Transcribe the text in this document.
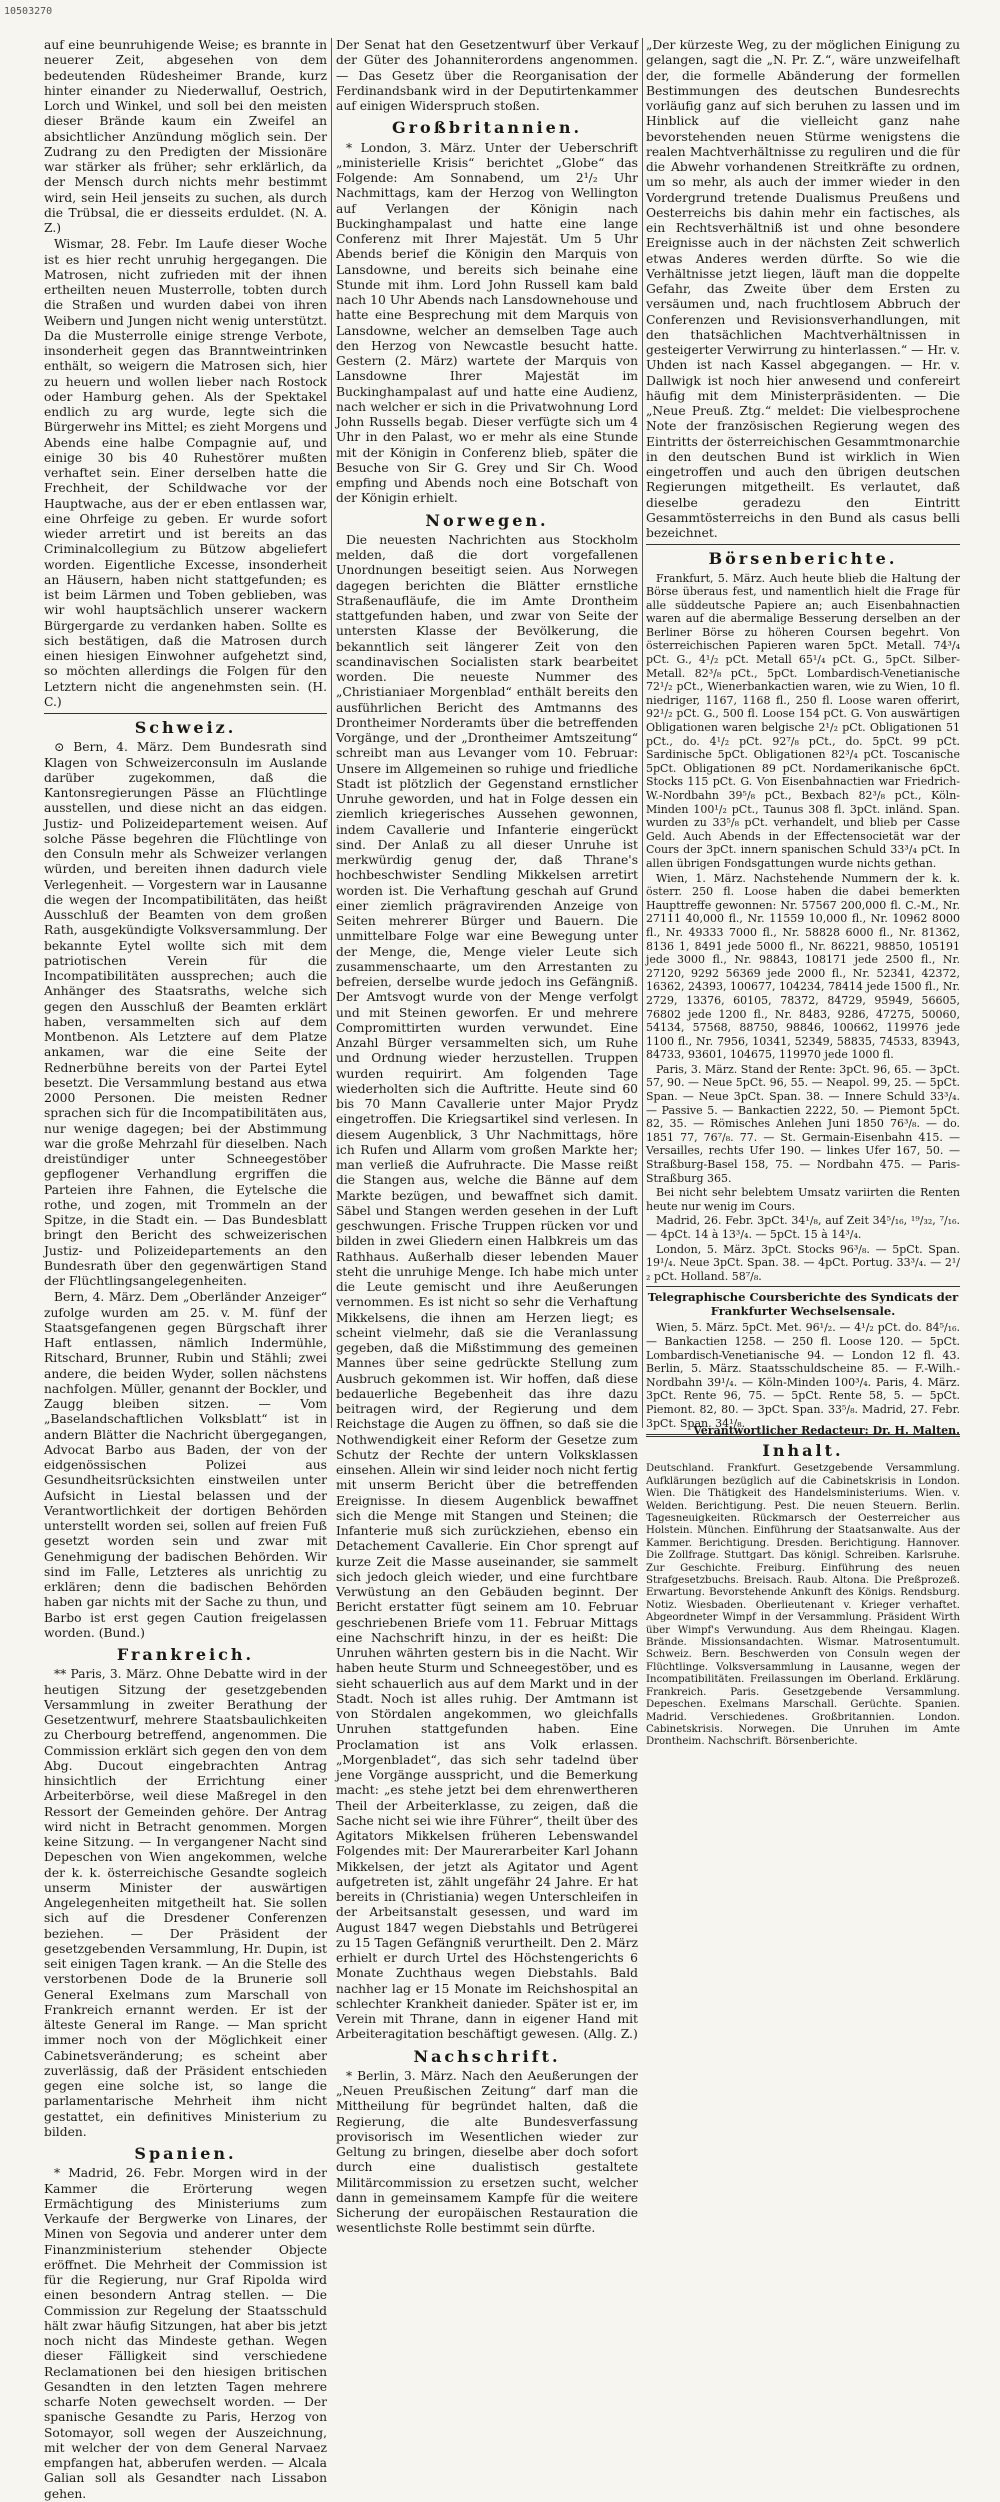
10503270

auf eine beunruhigende Weise; es brannte in neuerer Zeit, abgesehen von dem bedeutenden Rüdesheimer Brande, kurz hinter einander zu Niederwalluf, Oestrich, Lorch und Winkel, und soll bei den meisten dieser Brände kaum ein Zweifel an absichtlicher Anzündung möglich sein. Der Zudrang zu den Predigten der Missionäre war stärker als früher; sehr erklärlich, da der Mensch durch nichts mehr bestimmt wird, sein Heil jenseits zu suchen, als durch die Trübsal, die er diesseits erduldet. (N. A. Z.)

Wismar, 28. Febr. Im Laufe dieser Woche ist es hier recht unruhig hergegangen. Die Matrosen, nicht zufrieden mit der ihnen ertheilten neuen Musterrolle, tobten durch die Straßen und wurden dabei von ihren Weibern und Jungen nicht wenig unterstützt. Da die Musterrolle einige strenge Verbote, insonderheit gegen das Branntweintrinken enthält, so weigern die Matrosen sich, hier zu heuern und wollen lieber nach Rostock oder Hamburg gehen. Als der Spektakel endlich zu arg wurde, legte sich die Bürgerwehr ins Mittel; es zieht Morgens und Abends eine halbe Compagnie auf, und einige 30 bis 40 Ruhestörer mußten verhaftet sein. Einer derselben hatte die Frechheit, der Schildwache vor der Hauptwache, aus der er eben entlassen war, eine Ohrfeige zu geben. Er wurde sofort wieder arretirt und ist bereits an das Criminalcollegium zu Bützow abgeliefert worden. Eigentliche Excesse, insonderheit an Häusern, haben nicht stattgefunden; es ist beim Lärmen und Toben geblieben, was wir wohl hauptsächlich unserer wackern Bürgergarde zu verdanken haben. Sollte es sich bestätigen, daß die Matrosen durch einen hiesigen Einwohner aufgehetzt sind, so möchten allerdings die Folgen für den Letztern nicht die angenehmsten sein. (H. C.)

Schweiz.

⊙ Bern, 4. März. Dem Bundesrath sind Klagen von Schweizerconsuln im Auslande darüber zugekommen, daß die Kantonsregierungen Pässe an Flüchtlinge ausstellen, und diese nicht an das eidgen. Justiz- und Polizeidepartement weisen. Auf solche Pässe begehren die Flüchtlinge von den Consuln mehr als Schweizer verlangen würden, und bereiten ihnen dadurch viele Verlegenheit. — Vorgestern war in Lausanne die wegen der Incompatibilitäten, das heißt Ausschluß der Beamten von dem großen Rath, ausgekündigte Volksversammlung. Der bekannte Eytel wollte sich mit dem patriotischen Verein für die Incompatibilitäten aussprechen; auch die Anhänger des Staatsraths, welche sich gegen den Ausschluß der Beamten erklärt haben, versammelten sich auf dem Montbenon. Als Letztere auf dem Platze ankamen, war die eine Seite der Rednerbühne bereits von der Partei Eytel besetzt. Die Versammlung bestand aus etwa 2000 Personen. Die meisten Redner sprachen sich für die Incompatibilitäten aus, nur wenige dagegen; bei der Abstimmung war die große Mehrzahl für dieselben. Nach dreistündiger unter Schneegestöber gepflogener Verhandlung ergriffen die Parteien ihre Fahnen, die Eytelsche die rothe, und zogen, mit Trommeln an der Spitze, in die Stadt ein. — Das Bundesblatt bringt den Bericht des schweizerischen Justiz- und Polizeidepartements an den Bundesrath über den gegenwärtigen Stand der Flüchtlingsangelegenheiten.

Bern, 4. März. Dem „Oberländer Anzeiger“ zufolge wurden am 25. v. M. fünf der Staatsgefangenen gegen Bürgschaft ihrer Haft entlassen, nämlich Indermühle, Ritschard, Brunner, Rubin und Stähli; zwei andere, die beiden Wyder, sollen nächstens nachfolgen. Müller, genannt der Bockler, und Zaugg bleiben sitzen. — Vom „Baselandschaftlichen Volksblatt“ ist in andern Blätter die Nachricht übergegangen, Advocat Barbo aus Baden, der von der eidgenössischen Polizei aus Gesundheitsrücksichten einstweilen unter Aufsicht in Liestal belassen und der Verantwortlichkeit der dortigen Behörden unterstellt worden sei, sollen auf freien Fuß gesetzt worden sein und zwar mit Genehmigung der badischen Behörden. Wir sind im Falle, Letzteres als unrichtig zu erklären; denn die badischen Behörden haben gar nichts mit der Sache zu thun, und Barbo ist erst gegen Caution freigelassen worden. (Bund.)

Frankreich.

** Paris, 3. März. Ohne Debatte wird in der heutigen Sitzung der gesetzgebenden Versammlung in zweiter Berathung der Gesetzentwurf, mehrere Staatsbaulichkeiten zu Cherbourg betreffend, angenommen. Die Commission erklärt sich gegen den von dem Abg. Ducout eingebrachten Antrag hinsichtlich der Errichtung einer Arbeiterbörse, weil diese Maßregel in den Ressort der Gemeinden gehöre. Der Antrag wird nicht in Betracht genommen. Morgen keine Sitzung. — In vergangener Nacht sind Depeschen von Wien angekommen, welche der k. k. österreichische Gesandte sogleich unserm Minister der auswärtigen Angelegenheiten mitgetheilt hat. Sie sollen sich auf die Dresdener Conferenzen beziehen. — Der Präsident der gesetzgebenden Versammlung, Hr. Dupin, ist seit einigen Tagen krank. — An die Stelle des verstorbenen Dode de la Brunerie soll General Exelmans zum Marschall von Frankreich ernannt werden. Er ist der älteste General im Range. — Man spricht immer noch von der Möglichkeit einer Cabinetsveränderung; es scheint aber zuverlässig, daß der Präsident entschieden gegen eine solche ist, so lange die parlamentarische Mehrheit ihm nicht gestattet, ein definitives Ministerium zu bilden.

Spanien.

* Madrid, 26. Febr. Morgen wird in der Kammer die Erörterung wegen Ermächtigung des Ministeriums zum Verkaufe der Bergwerke von Linares, der Minen von Segovia und anderer unter dem Finanzministerium stehender Objecte eröffnet. Die Mehrheit der Commission ist für die Regierung, nur Graf Ripolda wird einen besondern Antrag stellen. — Die Commission zur Regelung der Staatsschuld hält zwar häufig Sitzungen, hat aber bis jetzt noch nicht das Mindeste gethan. Wegen dieser Fälligkeit sind verschiedene Reclamationen bei den hiesigen britischen Gesandten in den letzten Tagen mehrere scharfe Noten gewechselt worden. — Der spanische Gesandte zu Paris, Herzog von Sotomayor, soll wegen der Auszeichnung, mit welcher der von dem General Narvaez empfangen hat, abberufen werden. — Alcala Galian soll als Gesandter nach Lissabon gehen.

Der Senat hat den Gesetzentwurf über Verkauf der Güter des Johanniterordens angenommen. — Das Gesetz über die Reorganisation der Ferdinandsbank wird in der Deputirtenkammer auf einigen Widerspruch stoßen.

Großbritannien.

* London, 3. März. Unter der Ueberschrift „ministerielle Krisis“ berichtet „Globe“ das Folgende: Am Sonnabend, um 2¹/₂ Uhr Nachmittags, kam der Herzog von Wellington auf Verlangen der Königin nach Buckinghampalast und hatte eine lange Conferenz mit Ihrer Majestät. Um 5 Uhr Abends berief die Königin den Marquis von Lansdowne, und bereits sich beinahe eine Stunde mit ihm. Lord John Russell kam bald nach 10 Uhr Abends nach Lansdownehouse und hatte eine Besprechung mit dem Marquis von Lansdowne, welcher an demselben Tage auch den Herzog von Newcastle besucht hatte. Gestern (2. März) wartete der Marquis von Lansdowne Ihrer Majestät im Buckinghampalast auf und hatte eine Audienz, nach welcher er sich in die Privatwohnung Lord John Russells begab. Dieser verfügte sich um 4 Uhr in den Palast, wo er mehr als eine Stunde mit der Königin in Conferenz blieb, später die Besuche von Sir G. Grey und Sir Ch. Wood empfing und Abends noch eine Botschaft von der Königin erhielt.

Norwegen.

Die neuesten Nachrichten aus Stockholm melden, daß die dort vorgefallenen Unordnungen beseitigt seien. Aus Norwegen dagegen berichten die Blätter ernstliche Straßenaufläufe, die im Amte Drontheim stattgefunden haben, und zwar von Seite der untersten Klasse der Bevölkerung, die bekanntlich seit längerer Zeit von den scandinavischen Socialisten stark bearbeitet worden. Die neueste Nummer des „Christianiaer Morgenblad“ enthält bereits den ausführlichen Bericht des Amtmanns des Drontheimer Norderamts über die betreffenden Vorgänge, und der „Drontheimer Amtszeitung“ schreibt man aus Levanger vom 10. Februar: Unsere im Allgemeinen so ruhige und friedliche Stadt ist plötzlich der Gegenstand ernstlicher Unruhe geworden, und hat in Folge dessen ein ziemlich kriegerisches Aussehen gewonnen, indem Cavallerie und Infanterie eingerückt sind. Der Anlaß zu all dieser Unruhe ist merkwürdig genug der, daß Thrane's hochbeschwister Sendling Mikkelsen arretirt worden ist. Die Verhaftung geschah auf Grund einer ziemlich prägravirenden Anzeige von Seiten mehrerer Bürger und Bauern. Die unmittelbare Folge war eine Bewegung unter der Menge, die, Menge vieler Leute sich zusammenschaarte, um den Arrestanten zu befreien, derselbe wurde jedoch ins Gefängniß. Der Amtsvogt wurde von der Menge verfolgt und mit Steinen geworfen. Er und mehrere Compromittirten wurden verwundet. Eine Anzahl Bürger versammelten sich, um Ruhe und Ordnung wieder herzustellen. Truppen wurden requirirt. Am folgenden Tage wiederholten sich die Auftritte. Heute sind 60 bis 70 Mann Cavallerie unter Major Prydz eingetroffen. Die Kriegsartikel sind verlesen. In diesem Augenblick, 3 Uhr Nachmittags, höre ich Rufen und Allarm vom großen Markte her; man verließ die Aufruhracte. Die Masse reißt die Stangen aus, welche die Bänne auf dem Markte bezügen, und bewaffnet sich damit. Säbel und Stangen werden gesehen in der Luft geschwungen. Frische Truppen rücken vor und bilden in zwei Gliedern einen Halbkreis um das Rathhaus. Außerhalb dieser lebenden Mauer steht die unruhige Menge. Ich habe mich unter die Leute gemischt und ihre Aeußerungen vernommen. Es ist nicht so sehr die Verhaftung Mikkelsens, die ihnen am Herzen liegt; es scheint vielmehr, daß sie die Veranlassung gegeben, daß die Mißstimmung des gemeinen Mannes über seine gedrückte Stellung zum Ausbruch gekommen ist. Wir hoffen, daß diese bedauerliche Begebenheit das ihre dazu beitragen wird, der Regierung und dem Reichstage die Augen zu öffnen, so daß sie die Nothwendigkeit einer Reform der Gesetze zum Schutz der Rechte der untern Volksklassen einsehen. Allein wir sind leider noch nicht fertig mit unserm Bericht über die betreffenden Ereignisse. In diesem Augenblick bewaffnet sich die Menge mit Stangen und Steinen; die Infanterie muß sich zurückziehen, ebenso ein Detachement Cavallerie. Ein Chor sprengt auf kurze Zeit die Masse auseinander, sie sammelt sich jedoch gleich wieder, und eine furchtbare Verwüstung an den Gebäuden beginnt. Der Bericht erstatter fügt seinem am 10. Februar geschriebenen Briefe vom 11. Februar Mittags eine Nachschrift hinzu, in der es heißt: Die Unruhen währten gestern bis in die Nacht. Wir haben heute Sturm und Schneegestöber, und es sieht schauerlich aus auf dem Markt und in der Stadt. Noch ist alles ruhig. Der Amtmann ist von Stördalen angekommen, wo gleichfalls Unruhen stattgefunden haben. Eine Proclamation ist ans Volk erlassen. „Morgenbladet“, das sich sehr tadelnd über jene Vorgänge ausspricht, und die Bemerkung macht: „es stehe jetzt bei dem ehrenwertheren Theil der Arbeiterklasse, zu zeigen, daß die Sache nicht sei wie ihre Führer“, theilt über des Agitators Mikkelsen früheren Lebenswandel Folgendes mit: Der Maurerarbeiter Karl Johann Mikkelsen, der jetzt als Agitator und Agent aufgetreten ist, zählt ungefähr 24 Jahre. Er hat bereits in (Christiania) wegen Unterschleifen in der Arbeitsanstalt gesessen, und ward im August 1847 wegen Diebstahls und Betrügerei zu 15 Tagen Gefängniß verurtheilt. Den 2. März erhielt er durch Urtel des Höchstengerichts 6 Monate Zuchthaus wegen Diebstahls. Bald nachher lag er 15 Monate im Reichshospital an schlechter Krankheit danieder. Später ist er, im Verein mit Thrane, dann in eigener Hand mit Arbeiteragitation beschäftigt gewesen. (Allg. Z.)

Nachschrift.

* Berlin, 3. März. Nach den Aeußerungen der „Neuen Preußischen Zeitung“ darf man die Mittheilung für begründet halten, daß die Regierung, die alte Bundesverfassung provisorisch im Wesentlichen wieder zur Geltung zu bringen, dieselbe aber doch sofort durch eine dualistisch gestaltete Militärcommission zu ersetzen sucht, welcher dann in gemeinsamem Kampfe für die weitere Sicherung der europäischen Restauration die wesentlichste Rolle bestimmt sein dürfte.

„Der kürzeste Weg, zu der möglichen Einigung zu gelangen, sagt die „N. Pr. Z.“, wäre unzweifelhaft der, die formelle Abänderung der formellen Bestimmungen des deutschen Bundesrechts vorläufig ganz auf sich beruhen zu lassen und im Hinblick auf die vielleicht ganz nahe bevorstehenden neuen Stürme wenigstens die realen Machtverhältnisse zu reguliren und die für die Abwehr vorhandenen Streitkräfte zu ordnen, um so mehr, als auch der immer wieder in den Vordergrund tretende Dualismus Preußens und Oesterreichs bis dahin mehr ein factisches, als ein Rechtsverhältniß ist und ohne besondere Ereignisse auch in der nächsten Zeit schwerlich etwas Anderes werden dürfte. So wie die Verhältnisse jetzt liegen, läuft man die doppelte Gefahr, das Zweite über dem Ersten zu versäumen und, nach fruchtlosem Abbruch der Conferenzen und Revisionsverhandlungen, mit den thatsächlichen Machtverhältnissen in gesteigerter Verwirrung zu hinterlassen.“ — Hr. v. Uhden ist nach Kassel abgegangen. — Hr. v. Dallwigk ist noch hier anwesend und confereirt häufig mit dem Ministerpräsidenten. — Die „Neue Preuß. Ztg.“ meldet: Die vielbesprochene Note der französischen Regierung wegen des Eintritts der österreichischen Gesammtmonarchie in den deutschen Bund ist wirklich in Wien eingetroffen und auch den übrigen deutschen Regierungen mitgetheilt. Es verlautet, daß dieselbe geradezu den Eintritt Gesammtösterreichs in den Bund als casus belli bezeichnet.

Börsenberichte.

Frankfurt, 5. März. Auch heute blieb die Haltung der Börse überaus fest, und namentlich hielt die Frage für alle süddeutsche Papiere an; auch Eisenbahnactien waren auf die abermalige Besserung derselben an der Berliner Börse zu höheren Coursen begehrt. Von österreichischen Papieren waren 5pCt. Metall. 74³/₄ pCt. G., 4¹/₂ pCt. Metall 65¹/₄ pCt. G., 5pCt. Silber-Metall. 82³/₈ pCt., 5pCt. Lombardisch-Venetianische 72¹/₂ pCt., Wienerbankactien waren, wie zu Wien, 10 fl. niedriger, 1167, 1168 fl., 250 fl. Loose waren offerirt, 92¹/₂ pCt. G., 500 fl. Loose 154 pCt. G. Von auswärtigen Obligationen waren belgische 2¹/₂ pCt. Obligationen 51 pCt., do. 4¹/₂ pCt. 92⁷/₈ pCt., do. 5pCt. 99 pCt. Sardinische 5pCt. Obligationen 82³/₄ pCt. Toscanische 5pCt. Obligationen 89 pCt. Nordamerikanische 6pCt. Stocks 115 pCt. G. Von Eisenbahnactien war Friedrich-W.-Nordbahn 39⁵/₈ pCt., Bexbach 82³/₈ pCt., Köln-Minden 100¹/₂ pCt., Taunus 308 fl. 3pCt. inländ. Span. wurden zu 33⁵/₈ pCt. verhandelt, und blieb per Casse Geld. Auch Abends in der Effectensocietät war der Cours der 3pCt. innern spanischen Schuld 33³/₄ pCt. In allen übrigen Fondsgattungen wurde nichts gethan.

Wien, 1. März. Nachstehende Nummern der k. k. österr. 250 fl. Loose haben die dabei bemerkten Haupttreffe gewonnen: Nr. 57567 200,000 fl. C.-M., Nr. 27111 40,000 fl., Nr. 11559 10,000 fl., Nr. 10962 8000 fl., Nr. 49333 7000 fl., Nr. 58828 6000 fl., Nr. 81362, 8136 1, 8491 jede 5000 fl., Nr. 86221, 98850, 105191 jede 3000 fl., Nr. 98843, 108171 jede 2500 fl., Nr. 27120, 9292 56369 jede 2000 fl., Nr. 52341, 42372, 16362, 24393, 100677, 104234, 78414 jede 1500 fl., Nr. 2729, 13376, 60105, 78372, 84729, 95949, 56605, 76802 jede 1200 fl., Nr. 8483, 9286, 47275, 50060, 54134, 57568, 88750, 98846, 100662, 119976 jede 1100 fl., Nr. 7956, 10341, 52349, 58835, 74533, 83943, 84733, 93601, 104675, 119970 jede 1000 fl.

Paris, 3. März. Stand der Rente: 3pCt. 96, 65. — 3pCt. 57, 90. — Neue 5pCt. 96, 55. — Neapol. 99, 25. — 5pCt. Span. — Neue 3pCt. Span. 38. — Innere Schuld 33³/₄. — Passive 5. — Bankactien 2222, 50. — Piemont 5pCt. 82, 35. — Römisches Anlehen Juni 1850 76³/₈. — do. 1851 77, 76⁷/₈. 77. — St. Germain-Eisenbahn 415. — Versailles, rechts Ufer 190. — linkes Ufer 167, 50. — Straßburg-Basel 158, 75. — Nordbahn 475. — Paris-Straßburg 365.

Bei nicht sehr belebtem Umsatz variirten die Renten heute nur wenig im Cours.

Madrid, 26. Febr. 3pCt. 34¹/₈, auf Zeit 34⁵/₁₆, ¹⁹/₃₂, ⁷/₁₆. — 4pCt. 14 à 13³/₄. — 5pCt. 15 à 14³/₄.

London, 5. März. 3pCt. Stocks 96³/₈. — 5pCt. Span. 19¹/₄. Neue 3pCt. Span. 38. — 4pCt. Portug. 33³/₄. — 2¹/₂ pCt. Holland. 58⁷/₈.

Telegraphische Coursberichte des Syndicats der Frankfurter Wechselsensale.

Wien, 5. März. 5pCt. Met. 96¹/₂. — 4¹/₂ pCt. do. 84⁵/₁₆. — Bankactien 1258. — 250 fl. Loose 120. — 5pCt. Lombardisch-Venetianische 94. — London 12 fl. 43. Berlin, 5. März. Staatsschuldscheine 85. — F.-Wilh.-Nordbahn 39¹/₄. — Köln-Minden 100³/₄. Paris, 4. März. 3pCt. Rente 96, 75. — 5pCt. Rente 58, 5. — 5pCt. Piemont. 82, 80. — 3pCt. Span. 33⁵/₈. Madrid, 27. Febr. 3pCt. Span. 34¹/₈.

Inhalt.

Deutschland. Frankfurt. Gesetzgebende Versammlung. Aufklärungen bezüglich auf die Cabinetskrisis in London. Wien. Die Thätigkeit des Handelsministeriums. Wien. v. Welden. Berichtigung. Pest. Die neuen Steuern. Berlin. Tagesneuigkeiten. Rückmarsch der Oesterreicher aus Holstein. München. Einführung der Staatsanwalte. Aus der Kammer. Berichtigung. Dresden. Berichtigung. Hannover. Die Zollfrage. Stuttgart. Das königl. Schreiben. Karlsruhe. Zur Geschichte. Freiburg. Einführung des neuen Strafgesetzbuchs. Breisach. Raub. Altona. Die Preßprozeß. Erwartung. Bevorstehende Ankunft des Königs. Rendsburg. Notiz. Wiesbaden. Oberlieutenant v. Krieger verhaftet. Abgeordneter Wimpf in der Versammlung. Präsident Wirth über Wimpf's Verwundung. Aus dem Rheingau. Klagen. Brände. Missionsandachten. Wismar. Matrosentumult. Schweiz. Bern. Beschwerden von Consuln wegen der Flüchtlinge. Volksversammlung in Lausanne, wegen der Incompatibilitäten. Freilassungen im Oberland. Erklärung. Frankreich. Paris. Gesetzgebende Versammlung. Depeschen. Exelmans Marschall. Gerüchte. Spanien. Madrid. Verschiedenes. Großbritannien. London. Cabinetskrisis. Norwegen. Die Unruhen im Amte Drontheim. Nachschrift. Börsenberichte.

Verantwortlicher Redacteur: Dr. H. Malten.
